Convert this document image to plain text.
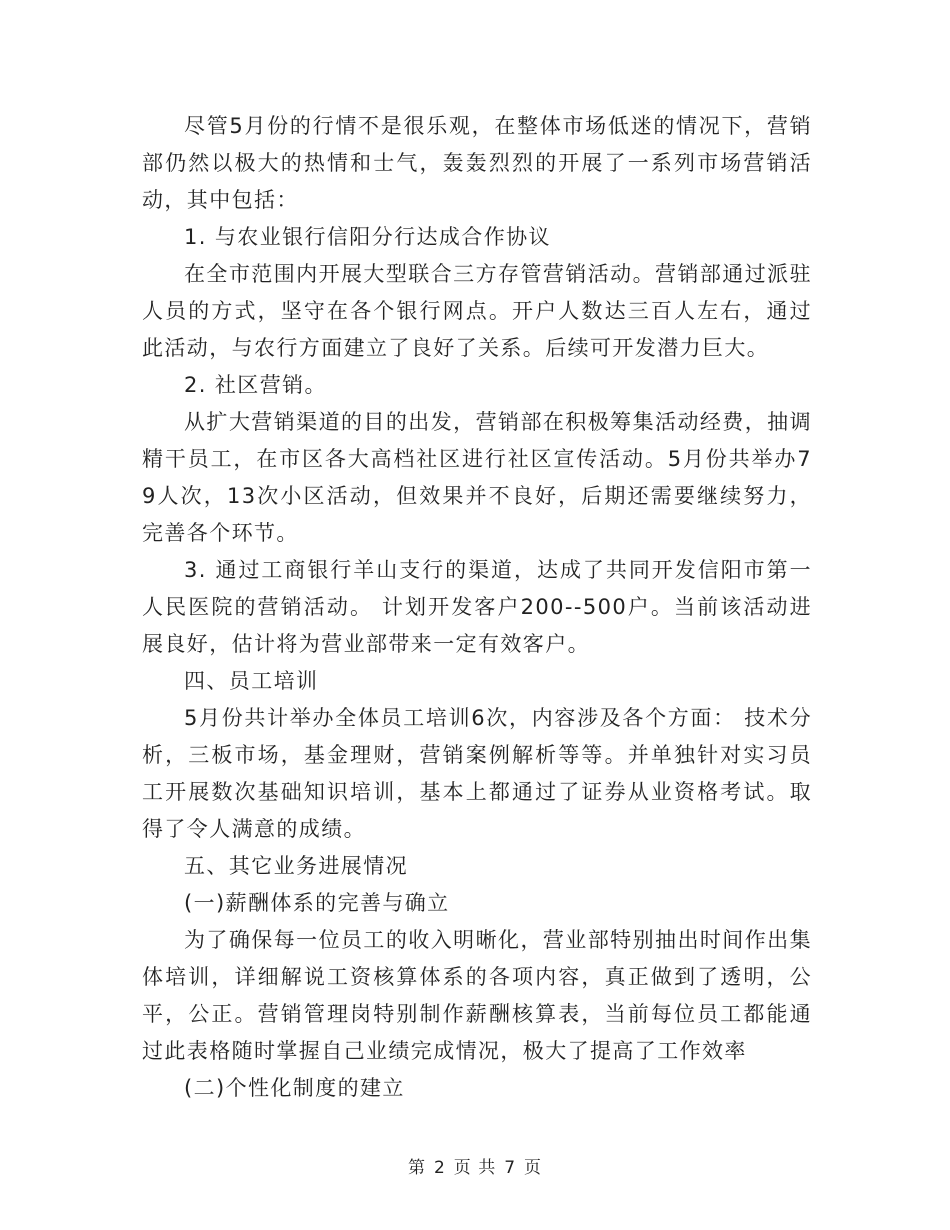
尽管5月份的行情不是很乐观，在整体市场低迷的情况下，营销部仍然以极大的热情和士气，轰轰烈烈的开展了一系列市场营销活动，其中包括：

1. 与农业银行信阳分行达成合作协议

在全市范围内开展大型联合三方存管营销活动。营销部通过派驻人员的方式，坚守在各个银行网点。开户人数达三百人左右，通过此活动，与农行方面建立了良好了关系。后续可开发潜力巨大。

2. 社区营销。

从扩大营销渠道的目的出发，营销部在积极筹集活动经费，抽调精干员工，在市区各大高档社区进行社区宣传活动。5月份共举办79人次，13次小区活动，但效果并不良好，后期还需要继续努力，完善各个环节。

3. 通过工商银行羊山支行的渠道，达成了共同开发信阳市第一人民医院的营销活动。 计划开发客户200--500户。当前该活动进展良好，估计将为营业部带来一定有效客户。

四、员工培训

5月份共计举办全体员工培训6次，内容涉及各个方面： 技术分析，三板市场，基金理财，营销案例解析等等。并单独针对实习员工开展数次基础知识培训，基本上都通过了证券从业资格考试。取得了令人满意的成绩。

五、其它业务进展情况

(一)薪酬体系的完善与确立

为了确保每一位员工的收入明晰化，营业部特别抽出时间作出集体培训，详细解说工资核算体系的各项内容，真正做到了透明，公平，公正。营销管理岗特别制作薪酬核算表，当前每位员工都能通过此表格随时掌握自己业绩完成情况，极大了提高了工作效率

(二)个性化制度的建立

第 2 页 共 7 页
